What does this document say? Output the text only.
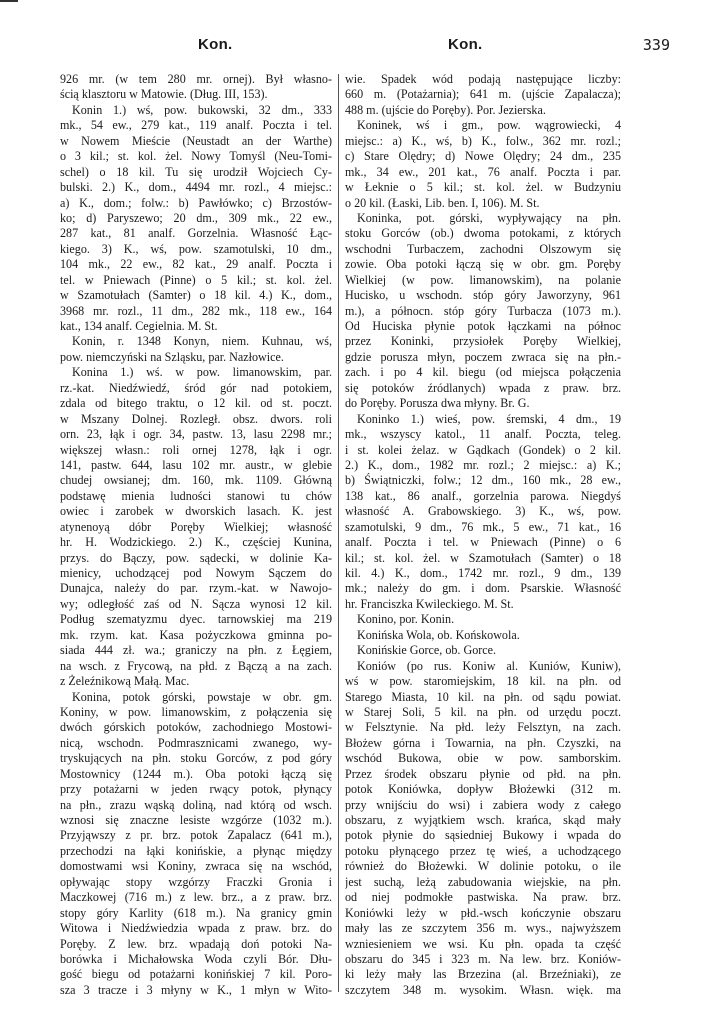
Kon.	Kon.	339
926 mr. (w tem 280 mr. ornej). Był własno-
ścią klasztoru w Matowie. (Dług. III, 153).
Konin 1.) wś, pow. bukowski, 32 dm., 333
mk., 54 ew., 279 kat., 119 analf. Poczta i tel.
w Nowem Mieście (Neustadt an der Warthe)
o 3 kil.; st. kol. żel. Nowy Tomyśl (Neu-Tomi-
schel) o 18 kil. Tu się urodził Wojciech Cy-
bulski. 2.) K., dom., 4494 mr. rozl., 4 miejsc.:
a) K., dom.; folw.: b) Pawłówko; c) Brzostów-
ko; d) Paryszewo; 20 dm., 309 mk., 22 ew.,
287 kat., 81 analf. Gorzelnia. Własność Łąc-
kiego. 3) K., wś, pow. szamotulski, 10 dm.,
104 mk., 22 ew., 82 kat., 29 analf. Poczta i
tel. w Pniewach (Pinne) o 5 kil.; st. kol. żel.
w Szamotułach (Samter) o 18 kil. 4.) K., dom.,
3968 mr. rozl., 11 dm., 282 mk., 118 ew., 164
kat., 134 analf. Cegielnia. M. St.
Konin, r. 1348 Konyn, niem. Kuhnau, wś,
pow. niemczyński na Szląsku, par. Nazłowice.
Konina 1.) wś. w pow. limanowskim, par.
rz.-kat. Niedźwiedź, śród gór nad potokiem,
zdala od bitego traktu, o 12 kil. od st. poczt.
w Mszany Dolnej. Rozległ. obsz. dwors. roli
orn. 23, łąk i ogr. 34, pastw. 13, lasu 2298 mr.;
większej własn.: roli ornej 1278, łąk i ogr.
141, pastw. 644, lasu 102 mr. austr., w glebie
chudej owsianej; dm. 160, mk. 1109. Główną
podstawę mienia ludności stanowi tu chów
owiec i zarobek w dworskich lasach. K. jest
atynenoyą dóbr Poręby Wielkiej; własność
hr. H. Wodzickiego. 2.) K., częściej Kunina,
przys. do Bączy, pow. sądecki, w dolinie Ka-
mienicy, uchodzącej pod Nowym Sączem do
Dunajca, należy do par. rzym.-kat. w Nawojo-
wy; odległość zaś od N. Sącza wynosi 12 kil.
Podług szematyzmu dyec. tarnowskiej ma 219
mk. rzym. kat. Kasa pożyczkowa gminna po-
siada 444 zł. wa.; graniczy na płn. z Łęgiem,
na wsch. z Frycową, na płd. z Bączą a na zach.
z Żeleźnikową Małą. Mac.
Konina, potok górski, powstaje w obr. gm.
Koniny, w pow. limanowskim, z połączenia się
dwóch górskich potoków, zachodniego Mostowi-
nicą, wschodn. Podmrasznicami zwanego, wy-
tryskujących na płn. stoku Gorców, z pod góry
Mostownicy (1244 m.). Oba potoki łączą się
przy potażarni w jeden rwący potok, płynący
na płn., zrazu wąską doliną, nad którą od wsch.
wznosi się znaczne lesiste wzgórze (1032 m.).
Przyjąwszy z pr. brz. potok Zapalacz (641 m.),
przechodzi na łąki konińskie, a płynąc między
domostwami wsi Koniny, zwraca się na wschód,
opływając stopy wzgórzy Fraczki Gronia i
Maczkowej (716 m.) z lew. brz., a z praw. brz.
stopy góry Karlity (618 m.). Na granicy gmin
Witowa i Niedźwiedzia wpada z praw. brz. do
Poręby. Z lew. brz. wpadają doń potoki Na-
borówka i Michałowska Woda czyli Bór. Dłu-
gość biegu od potażarni konińskiej 7 kil. Poro-
sza 3 tracze i 3 młyny w K., 1 młyn w Wito-
wie. Spadek wód podają następujące liczby:
660 m. (Potażarnia); 641 m. (ujście Zapalacza);
488 m. (ujście do Poręby). Por. Jezierska.
Koninek, wś i gm., pow. wągrowiecki, 4
miejsc.: a) K., wś, b) K., folw., 362 mr. rozl.;
c) Stare Olędry; d) Nowe Olędry; 24 dm., 235
mk., 34 ew., 201 kat., 76 analf. Poczta i par.
w Łeknie o 5 kil.; st. kol. żel. w Budzyniu
o 20 kil. (Łaski, Lib. ben. I, 106). M. St.
Koninka, pot. górski, wypływający na płn.
stoku Gorców (ob.) dwoma potokami, z których
wschodni Turbaczem, zachodni Olszowym się
zowie. Oba potoki łączą się w obr. gm. Poręby
Wielkiej (w pow. limanowskim), na polanie
Hucisko, u wschodn. stóp góry Jaworzyny, 961
m.), a północn. stóp góry Turbacza (1073 m.).
Od Huciska płynie potok łączkami na północ
przez Koninki, przysiołek Poręby Wielkiej,
gdzie porusza młyn, poczem zwraca się na płn.-
zach. i po 4 kil. biegu (od miejsca połączenia
się potoków źródlanych) wpada z praw. brz.
do Poręby. Porusza dwa młyny. Br. G.
Koninko 1.) wieś, pow. śremski, 4 dm., 19
mk., wszyscy katol., 11 analf. Poczta, teleg.
i st. kolei żelaz. w Gądkach (Gondek) o 2 kil.
2.) K., dom., 1982 mr. rozl.; 2 miejsc.: a) K.;
b) Świątniczki, folw.; 12 dm., 160 mk., 28 ew.,
138 kat., 86 analf., gorzelnia parowa. Niegdyś
własność A. Grabowskiego. 3) K., wś, pow.
szamotulski, 9 dm., 76 mk., 5 ew., 71 kat., 16
analf. Poczta i tel. w Pniewach (Pinne) o 6
kil.; st. kol. żel. w Szamotułach (Samter) o 18
kil. 4.) K., dom., 1742 mr. rozl., 9 dm., 139
mk.; należy do gm. i dom. Psarskie. Własność
hr. Franciszka Kwileckiego. M. St.
Konino, por. Konin.
Konińska Wola, ob. Końskowola.
Konińskie Gorce, ob. Gorce.
Koniów (po rus. Koniw al. Kuniów, Kuniw),
wś w pow. staromiejskim, 18 kil. na płn. od
Starego Miasta, 10 kil. na płn. od sądu powiat.
w Starej Soli, 5 kil. na płn. od urzędu poczt.
w Felsztynie. Na płd. leży Felsztyn, na zach.
Błożew górna i Towarnia, na płn. Czyszki, na
wschód Bukowa, obie w pow. samborskim.
Przez środek obszaru płynie od płd. na płn.
potok Koniówka, dopływ Błożewki (312 m.
przy wnijściu do wsi) i zabiera wody z całego
obszaru, z wyjątkiem wsch. krańca, skąd mały
potok płynie do sąsiedniej Bukowy i wpada do
potoku płynącego przez tę wieś, a uchodzącego
również do Błożewki. W dolinie potoku, o ile
jest suchą, leżą zabudowania wiejskie, na płn.
od niej podmokłe pastwiska. Na praw. brz.
Koniówki leży w płd.-wsch kończynie obszaru
mały las ze szczytem 356 m. wys., najwyższem
wzniesieniem we wsi. Ku płn. opada ta część
obszaru do 345 i 323 m. Na lew. brz. Koniów-
ki leży mały las Brzezina (al. Brzeźniaki), ze
szczytem 348 m. wysokim. Własn. więk. ma
